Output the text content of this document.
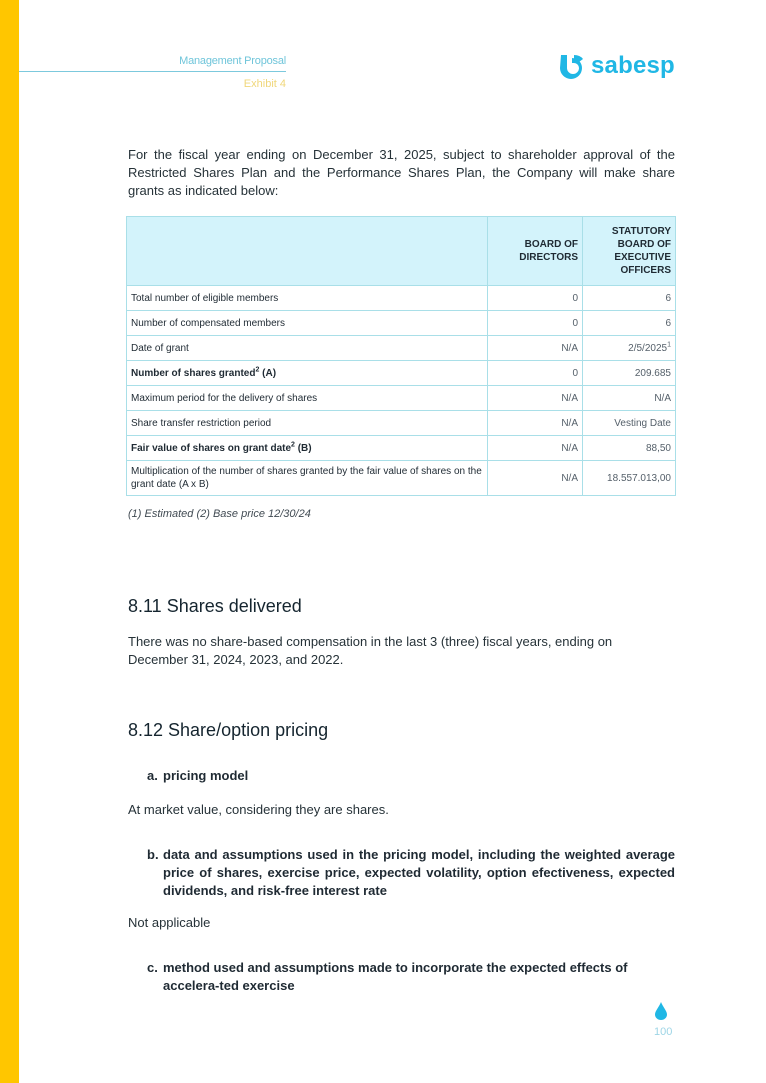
Management Proposal
Exhibit 4
sabesp
For the fiscal year ending on December 31, 2025, subject to shareholder approval of the Restricted Shares Plan and the Performance Shares Plan, the Company will make share grants as indicated below:
	BOARD OF DIRECTORS	STATUTORY BOARD OF EXECUTIVE OFFICERS
Total number of eligible members	0	6
Number of compensated members	0	6
Date of grant	N/A	2/5/2025$^1$
Number of shares granted$^2$ (A)	0	209.685
Maximum period for the delivery of shares	N/A	N/A
Share transfer restriction period	N/A	Vesting Date
Fair value of shares on grant date$^2$ (B)	N/A	88,50
Multiplication of the number of shares granted by the fair value of shares on the grant date (A x B)	N/A	18.557.013,00
(1) Estimated (2) Base price 12/30/24
8.11 Shares delivered
There was no share-based compensation in the last 3 (three) fiscal years, ending on December 31, 2024, 2023, and 2022.
8.12 Share/option pricing
a. pricing model
At market value, considering they are shares.
b. data and assumptions used in the pricing model, including the weighted average price of shares, exercise price, expected volatility, option efectiveness, expected dividends, and risk-free interest rate
Not applicable
c. method used and assumptions made to incorporate the expected effects of accelera-ted exercise
100
